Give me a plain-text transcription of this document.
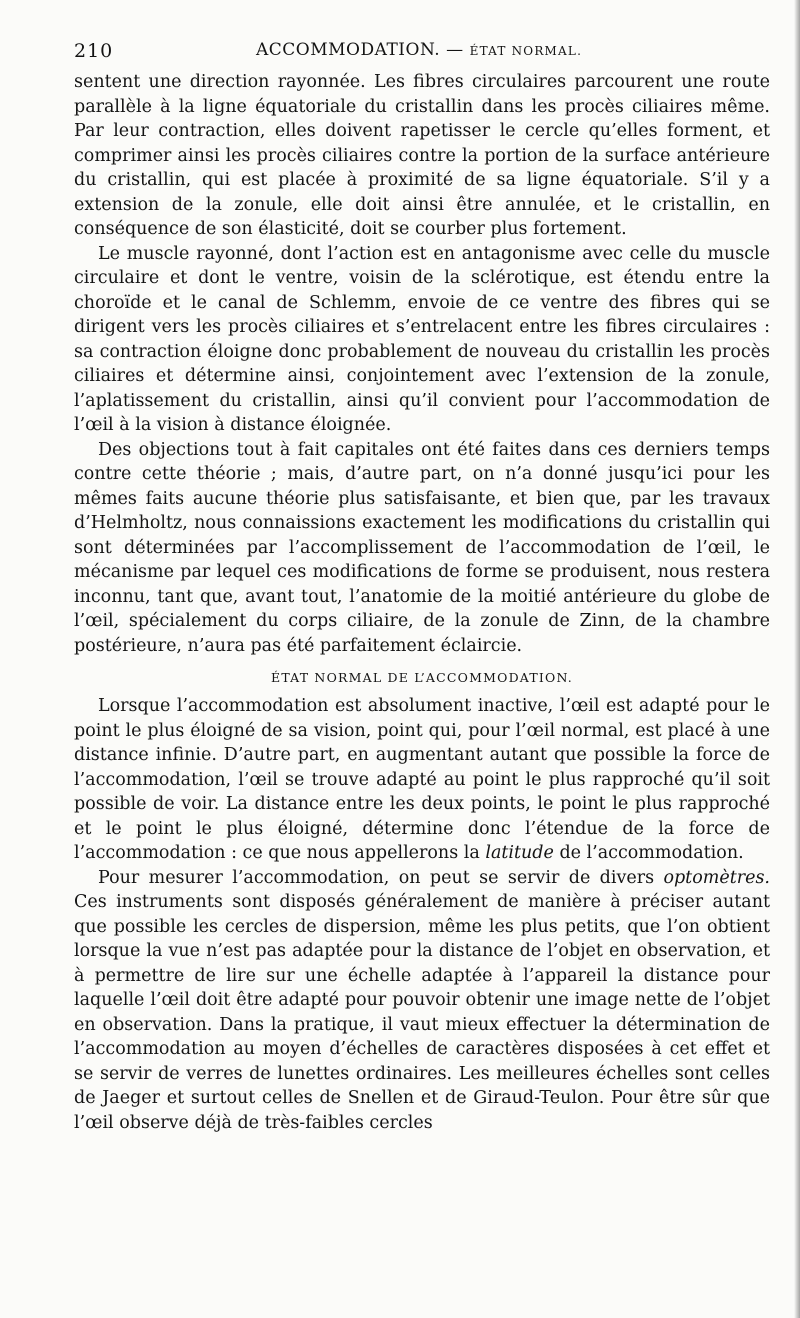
210	ACCOMMODATION. — ÉTAT NORMAL.

sentent une direction rayonnée. Les fibres circulaires parcourent une route parallèle à la ligne équatoriale du cristallin dans les procès ciliaires même. Par leur contraction, elles doivent rapetisser le cercle qu’elles forment, et comprimer ainsi les procès ciliaires contre la portion de la surface antérieure du cristallin, qui est placée à proximité de sa ligne équatoriale. S’il y a extension de la zonule, elle doit ainsi être annulée, et le cristallin, en conséquence de son élasticité, doit se courber plus fortement.

Le muscle rayonné, dont l’action est en antagonisme avec celle du muscle circulaire et dont le ventre, voisin de la sclérotique, est étendu entre la choroïde et le canal de Schlemm, envoie de ce ventre des fibres qui se dirigent vers les procès ciliaires et s’entrelacent entre les fibres circulaires : sa contraction éloigne donc probablement de nouveau du cristallin les procès ciliaires et détermine ainsi, conjointement avec l’extension de la zonule, l’aplatissement du cristallin, ainsi qu’il convient pour l’accommodation de l’œil à la vision à distance éloignée.

Des objections tout à fait capitales ont été faites dans ces derniers temps contre cette théorie ; mais, d’autre part, on n’a donné jusqu’ici pour les mêmes faits aucune théorie plus satisfaisante, et bien que, par les travaux d’Helmholtz, nous connaissions exactement les modifications du cristallin qui sont déterminées par l’accomplissement de l’accommodation de l’œil, le mécanisme par lequel ces modifications de forme se produisent, nous restera inconnu, tant que, avant tout, l’anatomie de la moitié antérieure du globe de l’œil, spécialement du corps ciliaire, de la zonule de Zinn, de la chambre postérieure, n’aura pas été parfaitement éclaircie.

ÉTAT NORMAL DE L’ACCOMMODATION.

Lorsque l’accommodation est absolument inactive, l’œil est adapté pour le point le plus éloigné de sa vision, point qui, pour l’œil normal, est placé à une distance infinie. D’autre part, en augmentant autant que possible la force de l’accommodation, l’œil se trouve adapté au point le plus rapproché qu’il soit possible de voir. La distance entre les deux points, le point le plus rapproché et le point le plus éloigné, détermine donc l’étendue de la force de l’accommodation : ce que nous appellerons la latitude de l’accommodation.

Pour mesurer l’accommodation, on peut se servir de divers optomètres. Ces instruments sont disposés généralement de manière à préciser autant que possible les cercles de dispersion, même les plus petits, que l’on obtient lorsque la vue n’est pas adaptée pour la distance de l’objet en observation, et à permettre de lire sur une échelle adaptée à l’appareil la distance pour laquelle l’œil doit être adapté pour pouvoir obtenir une image nette de l’objet en observation. Dans la pratique, il vaut mieux effectuer la détermination de l’accommodation au moyen d’échelles de caractères disposées à cet effet et se servir de verres de lunettes ordinaires. Les meilleures échelles sont celles de Jaeger et surtout celles de Snellen et de Giraud-Teulon. Pour être sûr que l’œil observe déjà de très-faibles cercles
